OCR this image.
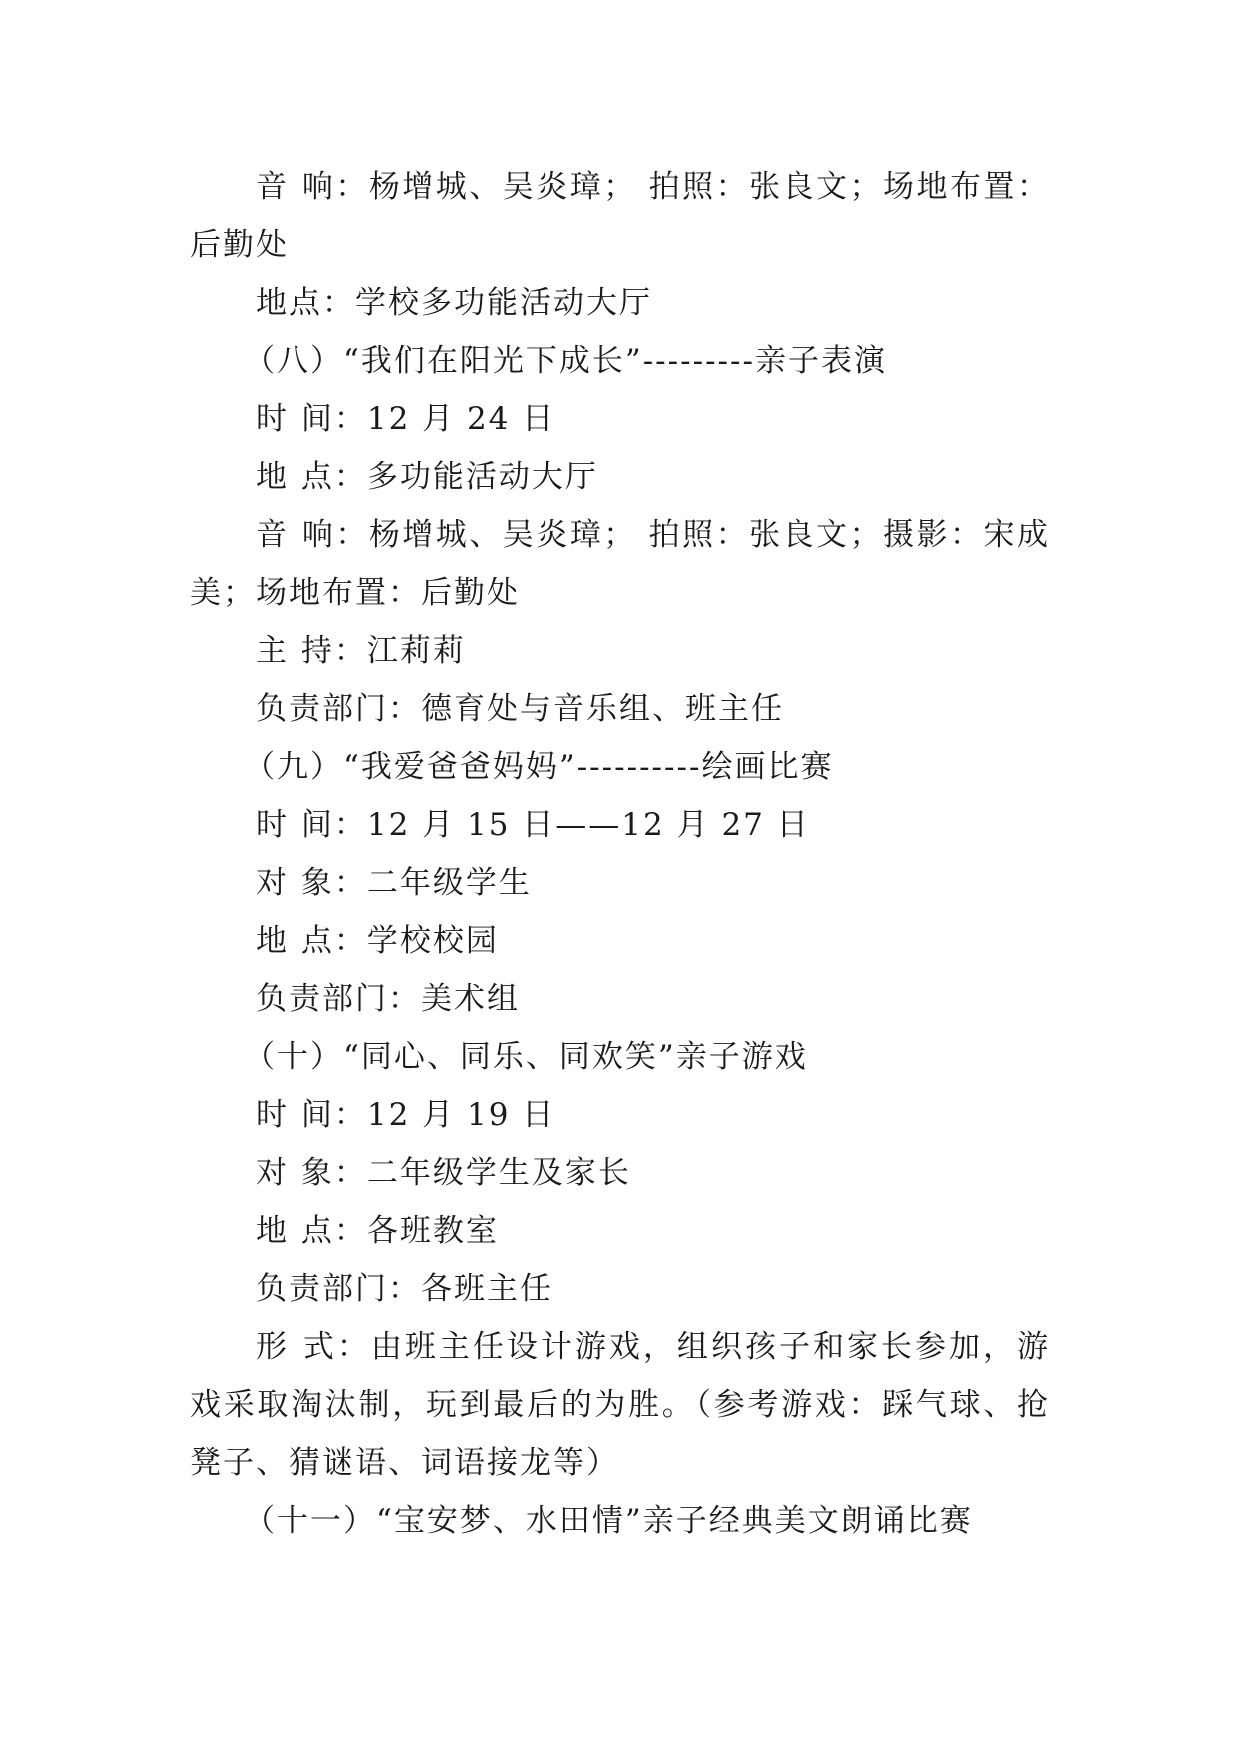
音 响：杨增城、吴炎璋； 拍照：张良文；场地布置：后勤处

地点：学校多功能活动大厅

（八）“我们在阳光下成长”---------亲子表演

时 间：12 月 24 日

地 点：多功能活动大厅

音 响：杨增城、吴炎璋； 拍照：张良文；摄影：宋成美；场地布置：后勤处

主 持：江莉莉

负责部门：德育处与音乐组、班主任

（九）“我爱爸爸妈妈”----------绘画比赛

时 间：12 月 15 日——12 月 27 日

对 象：二年级学生

地 点：学校校园

负责部门：美术组

（十）“同心、同乐、同欢笑”亲子游戏

时 间：12 月 19 日

对 象：二年级学生及家长

地 点：各班教室

负责部门：各班主任

形 式：由班主任设计游戏，组织孩子和家长参加，游戏采取淘汰制，玩到最后的为胜。（参考游戏：踩气球、抢凳子、猜谜语、词语接龙等）

（十一）“宝安梦、水田情”亲子经典美文朗诵比赛
